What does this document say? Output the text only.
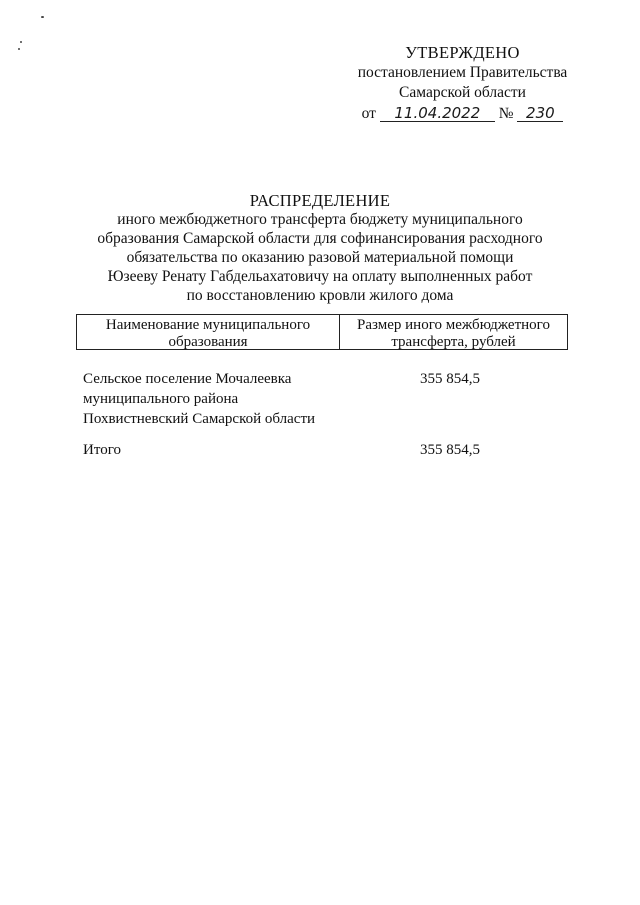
УТВЕРЖДЕНО
постановлением Правительства
Самарской области
от 11.04.2022 № 230
РАСПРЕДЕЛЕНИЕ
иного межбюджетного трансферта бюджету муниципального
образования Самарской области для софинансирования расходного
обязательства по оказанию разовой материальной помощи
Юзееву Ренату Габдельахатовичу на оплату выполненных работ
по восстановлению кровли жилого дома
Наименование муниципального образования
Размер иного межбюджетного трансферта, рублей
Сельское поселение Мочалеевка
муниципального района
Похвистневский Самарской области
355 854,5
Итого	355 854,5
